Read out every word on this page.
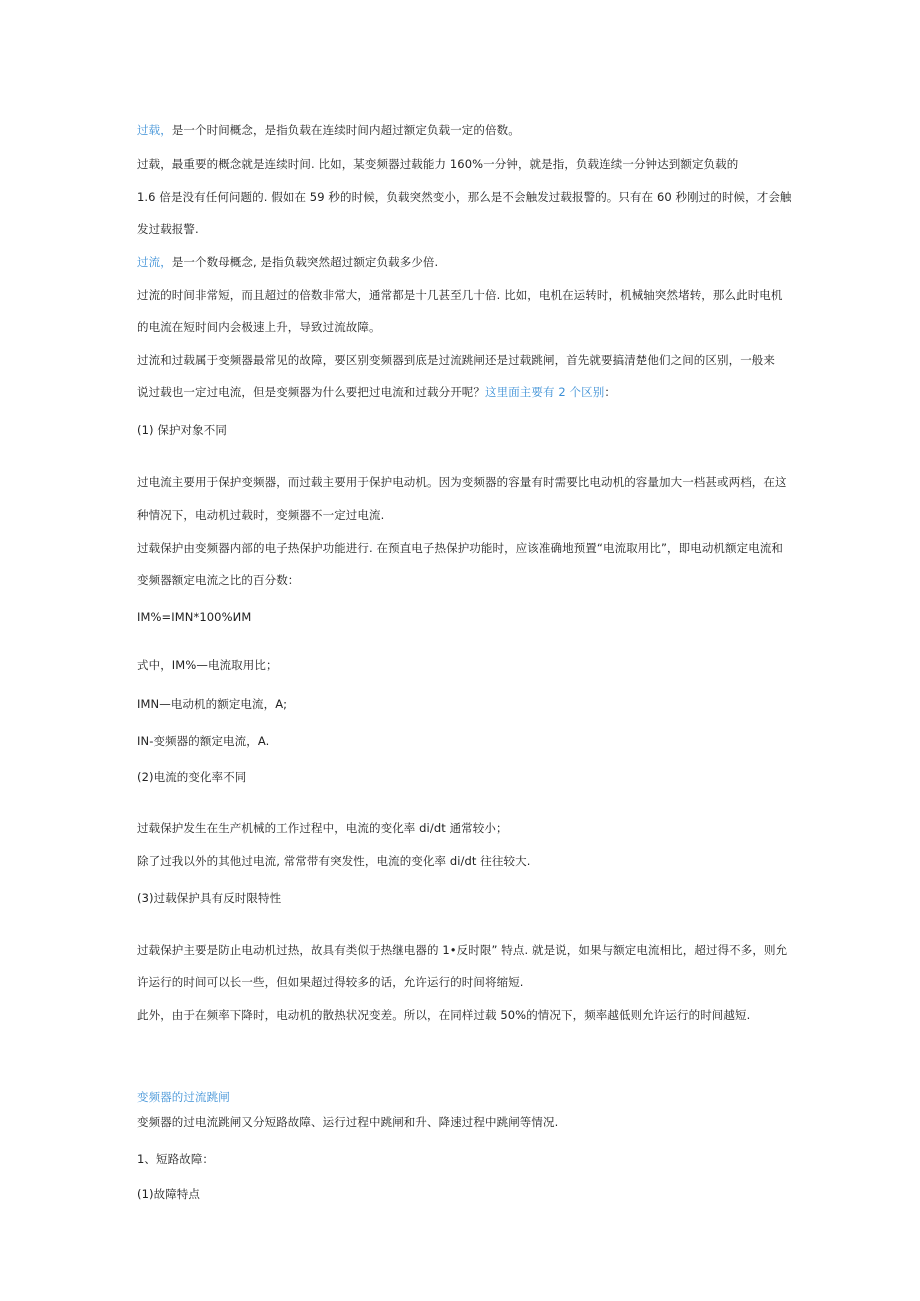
过载，是一个时间概念，是指负载在连续时间内超过额定负载一定的倍数。
过载，最重要的概念就是连续时间. 比如，某变频器过载能力 160%一分钟，就是指，负载连续一分钟达到额定负载的
1.6 倍是没有任何问题的. 假如在 59 秒的时候，负载突然变小，那么是不会触发过载报警的。只有在 60 秒刚过的时候，才会触
发过载报警.
过流，是一个数母概念, 是指负载突然超过额定负载多少倍.
过流的时间非常短，而且超过的倍数非常大，通常都是十几甚至几十倍. 比如，电机在运转时，机械轴突然堵转，那么此时电机
的电流在短时间内会极速上升，导致过流故障。
过流和过载属于变频器最常见的故障，要区别变频器到底是过流跳闸还是过载跳闸，首先就要搞清楚他们之间的区别，一般来
说过载也一定过电流，但是变频器为什么要把过电流和过载分开呢？这里面主要有 2 个区别：
(1) 保护对象不同
过电流主要用于保护变频器，而过载主要用于保护电动机。因为变频器的容量有时需要比电动机的容量加大一档甚或两档，在这
种情况下，电动机过载时，变频器不一定过电流.
过载保护由变频器内部的电子热保护功能进行. 在预直电子热保护功能时，应该准确地预置“电流取用比”，即电动机额定电流和
变频器额定电流之比的百分数：
IM%=IMN*100%ИМ
式中，IM%—电流取用比；
IMN—电动机的额定电流，A;
IN-变频器的额定电流，A.
(2)电流的变化率不同
过载保护发生在生产机械的工作过程中，电流的变化率 di/dt 通常较小；
除了过我以外的其他过电流, 常常带有突发性，电流的变化率 di/dt 往往较大.
(3)过载保护具有反时限特性
过载保护主要是防止电动机过热，故具有类似于热继电器的 1•反时限” 特点. 就是说，如果与额定电流相比，超过得不多，则允
许运行的时间可以长一些，但如果超过得较多的话，允许运行的时间将缩短.
此外，由于在频率下降时，电动机的散热状况变差。所以，在同样过载 50%的情况下，频率越低则允许运行的时间越短.
变频器的过流跳闸
变频器的过电流跳闸又分短路故障、运行过程中跳闸和升、降速过程中跳闸等情况.
1、短路故障：
(1)故障特点
